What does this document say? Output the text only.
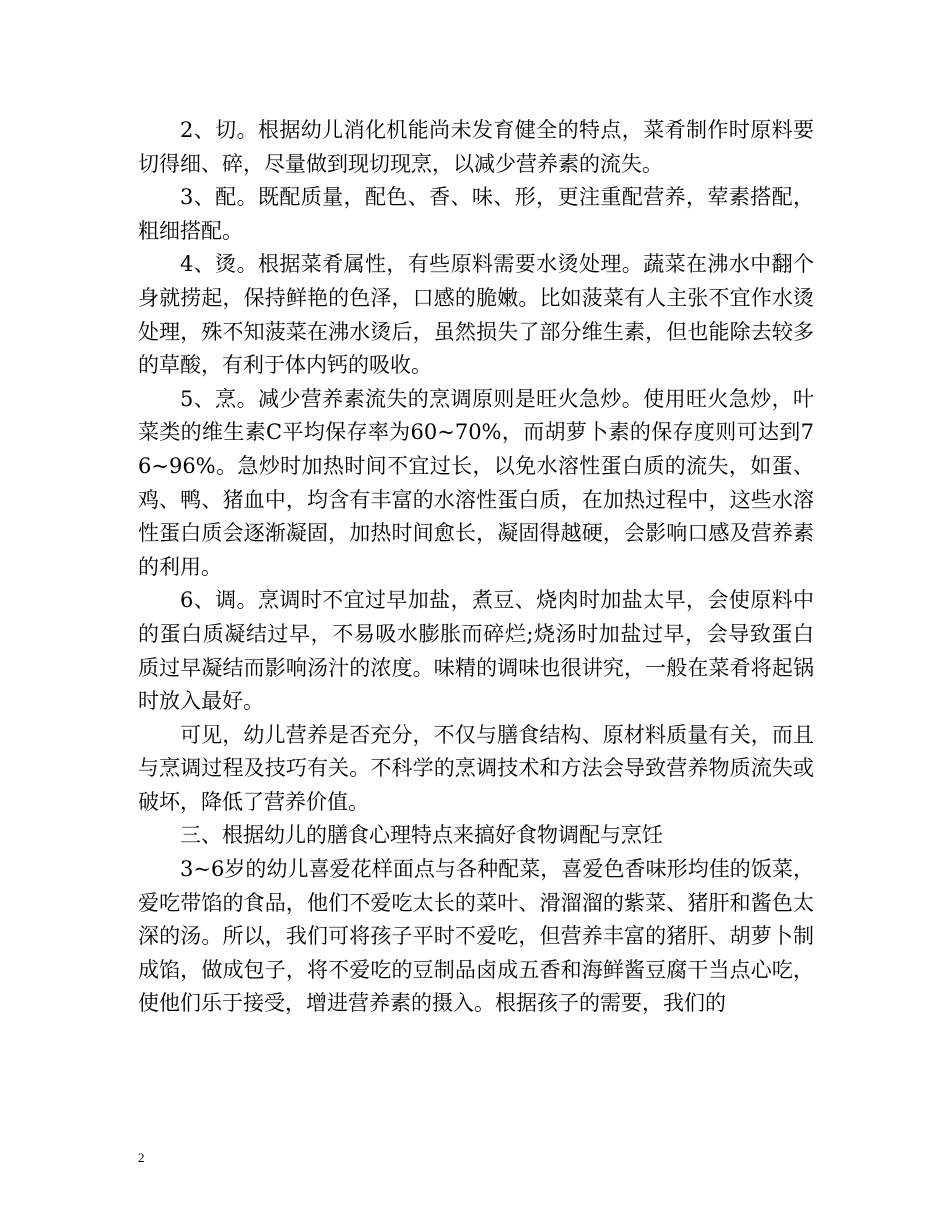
2、切。根据幼儿消化机能尚未发育健全的特点，菜肴制作时原料要切得细、碎，尽量做到现切现烹，以减少营养素的流失。

3、配。既配质量，配色、香、味、形，更注重配营养，荤素搭配，粗细搭配。

4、烫。根据菜肴属性，有些原料需要水烫处理。蔬菜在沸水中翻个身就捞起，保持鲜艳的色泽，口感的脆嫩。比如菠菜有人主张不宜作水烫处理，殊不知菠菜在沸水烫后，虽然损失了部分维生素，但也能除去较多的草酸，有利于体内钙的吸收。

5、烹。减少营养素流失的烹调原则是旺火急炒。使用旺火急炒，叶菜类的维生素C平均保存率为60~70%，而胡萝卜素的保存度则可达到76~96%。急炒时加热时间不宜过长，以免水溶性蛋白质的流失，如蛋、鸡、鸭、猪血中，均含有丰富的水溶性蛋白质，在加热过程中，这些水溶性蛋白质会逐渐凝固，加热时间愈长，凝固得越硬，会影响口感及营养素的利用。

6、调。烹调时不宜过早加盐，煮豆、烧肉时加盐太早，会使原料中的蛋白质凝结过早，不易吸水膨胀而碎烂;烧汤时加盐过早，会导致蛋白质过早凝结而影响汤汁的浓度。味精的调味也很讲究，一般在菜肴将起锅时放入最好。

可见，幼儿营养是否充分，不仅与膳食结构、原材料质量有关，而且与烹调过程及技巧有关。不科学的烹调技术和方法会导致营养物质流失或破坏，降低了营养价值。

三、根据幼儿的膳食心理特点来搞好食物调配与烹饪

3~6岁的幼儿喜爱花样面点与各种配菜，喜爱色香味形均佳的饭菜，爱吃带馅的食品，他们不爱吃太长的菜叶、滑溜溜的紫菜、猪肝和酱色太深的汤。所以，我们可将孩子平时不爱吃，但营养丰富的猪肝、胡萝卜制成馅，做成包子，将不爱吃的豆制品卤成五香和海鲜酱豆腐干当点心吃，使他们乐于接受，增进营养素的摄入。根据孩子的需要，我们的

2
